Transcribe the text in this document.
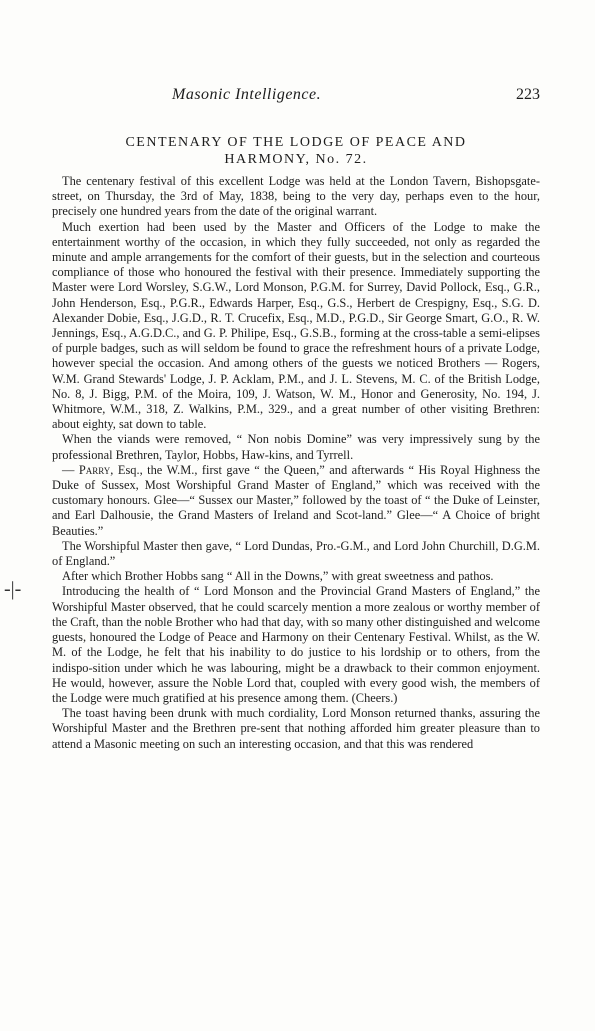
-|-
Masonic Intelligence.	223
CENTENARY OF THE LODGE OF PEACE AND
HARMONY, No. 72.

The centenary festival of this excellent Lodge was held at the London Tavern, Bishopsgate-street, on Thursday, the 3rd of May, 1838, being to the very day, perhaps even to the hour, precisely one hundred years from the date of the original warrant.

Much exertion had been used by the Master and Officers of the Lodge to make the entertainment worthy of the occasion, in which they fully succeeded, not only as regarded the minute and ample arrangements for the comfort of their guests, but in the selection and courteous compliance of those who honoured the festival with their presence. Immediately supporting the Master were Lord Worsley, S.G.W., Lord Monson, P.G.M. for Surrey, David Pollock, Esq., G.R., John Henderson, Esq., P.G.R., Edwards Harper, Esq., G.S., Herbert de Crespigny, Esq., S.G. D. Alexander Dobie, Esq., J.G.D., R. T. Crucefix, Esq., M.D., P.G.D., Sir George Smart, G.O., R. W. Jennings, Esq., A.G.D.C., and G. P. Philipe, Esq., G.S.B., forming at the cross-table a semi-elipses of purple badges, such as will seldom be found to grace the refreshment hours of a private Lodge, however special the occasion. And among others of the guests we noticed Brothers — Rogers, W.M. Grand Stewards' Lodge, J. P. Acklam, P.M., and J. L. Stevens, M. C. of the British Lodge, No. 8, J. Bigg, P.M. of the Moira, 109, J. Watson, W. M., Honor and Generosity, No. 194, J. Whitmore, W.M., 318, Z. Walkins, P.M., 329., and a great number of other visiting Brethren: about eighty, sat down to table.

When the viands were removed, “ Non nobis Domine” was very impressively sung by the professional Brethren, Taylor, Hobbs, Haw-kins, and Tyrrell.

— Parry, Esq., the W.M., first gave “ the Queen,” and afterwards “ His Royal Highness the Duke of Sussex, Most Worshipful Grand Master of England,” which was received with the customary honours. Glee—“ Sussex our Master,” followed by the toast of “ the Duke of Leinster, and Earl Dalhousie, the Grand Masters of Ireland and Scot-land.” Glee—“ A Choice of bright Beauties.”

The Worshipful Master then gave, “ Lord Dundas, Pro.-G.M., and Lord John Churchill, D.G.M. of England.”

After which Brother Hobbs sang “ All in the Downs,” with great sweetness and pathos.

Introducing the health of “ Lord Monson and the Provincial Grand Masters of England,” the Worshipful Master observed, that he could scarcely mention a more zealous or worthy member of the Craft, than the noble Brother who had that day, with so many other distinguished and welcome guests, honoured the Lodge of Peace and Harmony on their Centenary Festival. Whilst, as the W. M. of the Lodge, he felt that his inability to do justice to his lordship or to others, from the indispo-sition under which he was labouring, might be a drawback to their common enjoyment. He would, however, assure the Noble Lord that, coupled with every good wish, the members of the Lodge were much gratified at his presence among them. (Cheers.)

The toast having been drunk with much cordiality, Lord Monson returned thanks, assuring the Worshipful Master and the Brethren pre-sent that nothing afforded him greater pleasure than to attend a Masonic meeting on such an interesting occasion, and that this was rendered
